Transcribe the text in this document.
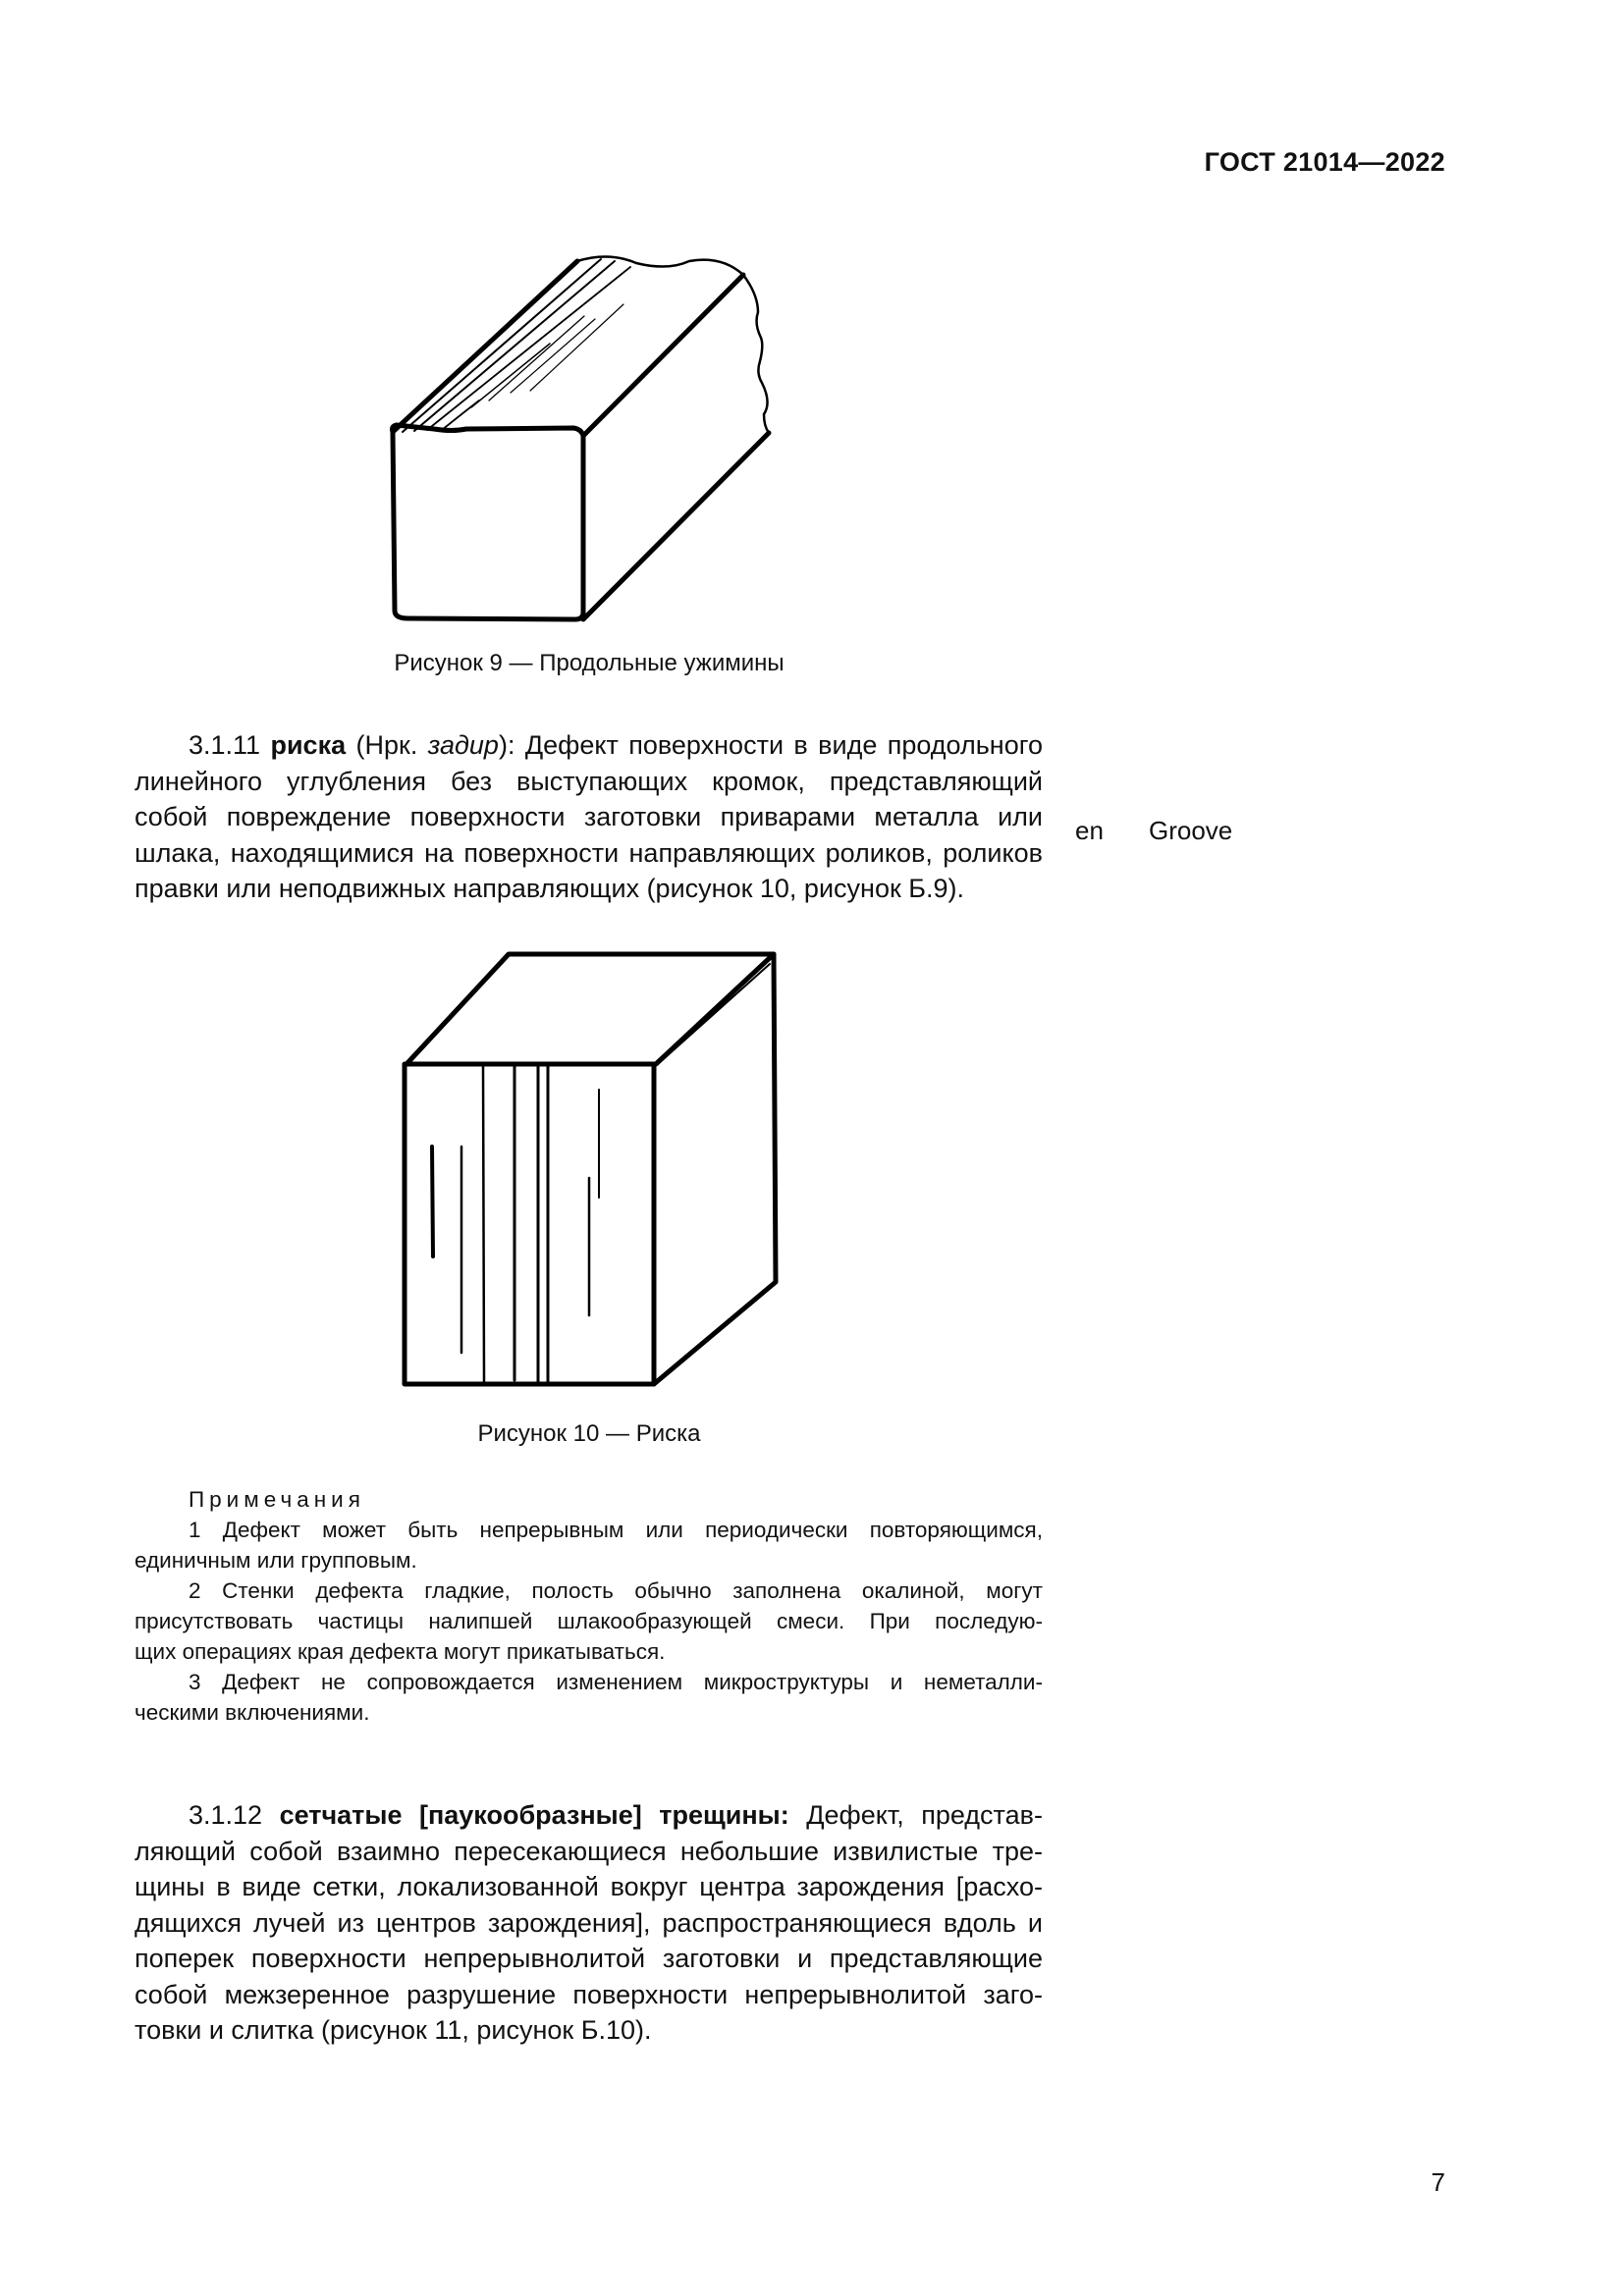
ГОСТ 21014—2022
Рисунок 9 — Продольные ужимины
3.1.11 риска (Нрк. задир): Дефект поверхности в виде продольного
линейного углубления без выступающих кромок, представляющий
собой повреждение поверхности заготовки приварами металла или
шлака, находящимися на поверхности направляющих роликов, роликов
правки или неподвижных направляющих (рисунок 10, рисунок Б.9).
en Groove
Рисунок 10 — Риска
Примечания
1 Дефект может быть непрерывным или периодически повторяющимся,
единичным или групповым.
2 Стенки дефекта гладкие, полость обычно заполнена окалиной, могут
присутствовать частицы налипшей шлакообразующей смеси. При последую-
щих операциях края дефекта могут прикатываться.
3 Дефект не сопровождается изменением микроструктуры и неметалли-
ческими включениями.
3.1.12 сетчатые [паукообразные] трещины: Дефект, представ-
ляющий собой взаимно пересекающиеся небольшие извилистые тре-
щины в виде сетки, локализованной вокруг центра зарождения [расхо-
дящихся лучей из центров зарождения], распространяющиеся вдоль и
поперек поверхности непрерывнолитой заготовки и представляющие
собой межзеренное разрушение поверхности непрерывнолитой заго-
товки и слитка (рисунок 11, рисунок Б.10).
7
